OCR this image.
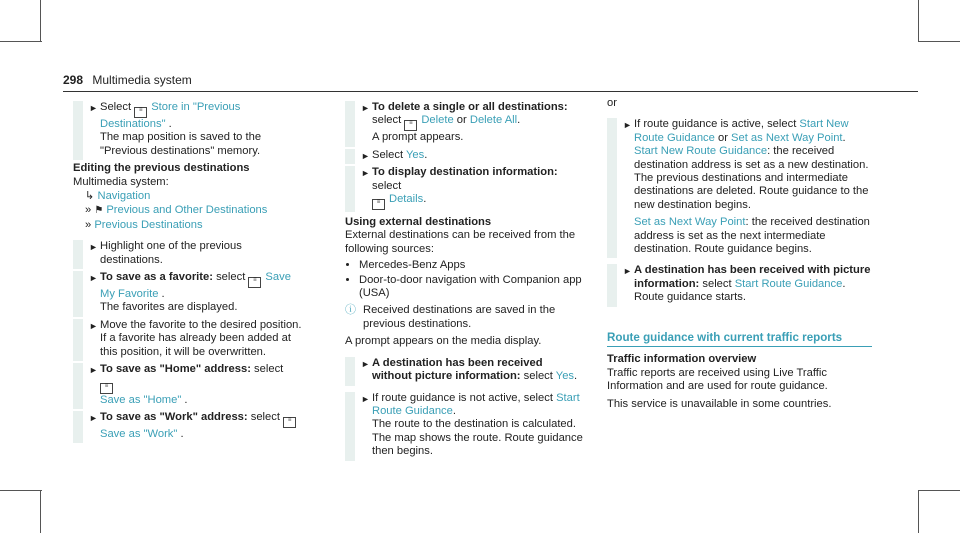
298 Multimedia system
► Select ≡ Store in "Previous Destinations" .
The map position is saved to the "Previous destinations" memory.
Editing the previous destinations
Multimedia system:
↳ Navigation
» ⚑ Previous and Other Destinations
» Previous Destinations
► Highlight one of the previous destinations.
► To save as a favorite: select ≡ Save My Favorite .
The favorites are displayed.
► Move the favorite to the desired position. If a favorite has already been added at this position, it will be overwritten.
► To save as "Home" address: select ≡
Save as "Home" .
► To save as "Work" address: select ≡
Save as "Work" .
► To delete a single or all destinations:
select ≡ Delete or Delete All.
A prompt appears.
► Select Yes.
► To display destination information: select
≡ Details.
Using external destinations
External destinations can be received from the following sources:
• Mercedes-Benz Apps
• Door-to-door navigation with Companion app (USA)
ⓘ Received destinations are saved in the previous destinations.
A prompt appears on the media display.
► A destination has been received without picture information: select Yes.
► If route guidance is not active, select Start Route Guidance.
The route to the destination is calculated. The map shows the route. Route guidance then begins.
or
► If route guidance is active, select Start New Route Guidance or Set as Next Way Point.
Start New Route Guidance: the received destination address is set as a new destination. The previous destinations and intermediate destinations are deleted. Route guidance to the new destination begins.
Set as Next Way Point: the received destination address is set as the next intermediate destination. Route guidance begins.
► A destination has been received with picture information: select Start Route Guidance.
Route guidance starts.
Route guidance with current traffic reports
Traffic information overview
Traffic reports are received using Live Traffic Information and are used for route guidance.
This service is unavailable in some countries.
